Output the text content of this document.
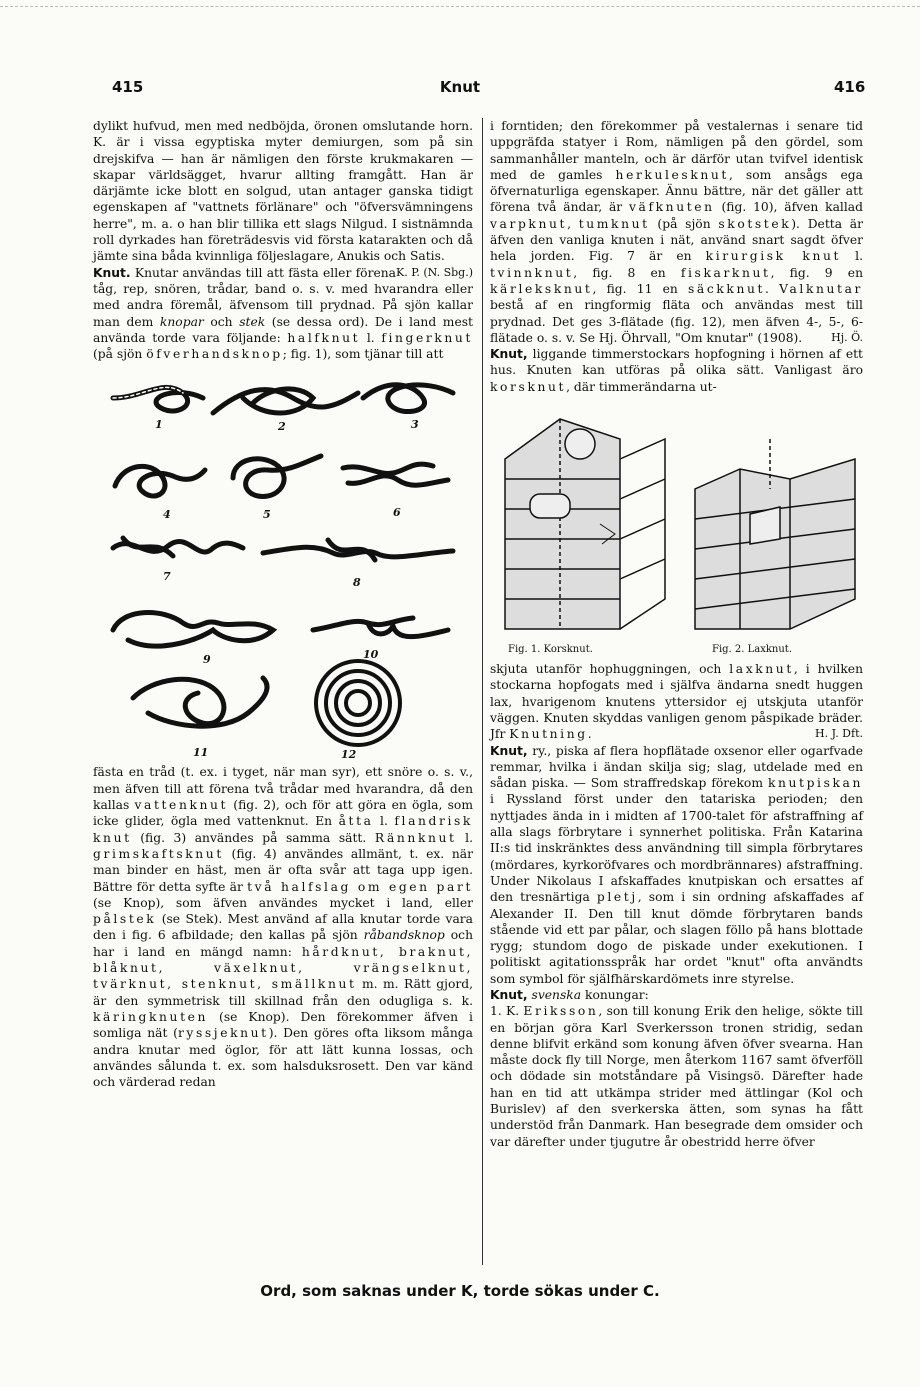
415	Knut	416

dylikt hufvud, men med nedböjda, öronen omslutande horn. K. är i vissa egyptiska myter demiurgen, som på sin drejskifva — han är nämligen den förste krukmakaren — skapar världsägget, hvarur allting framgått. Han är därjämte icke blott en solgud, utan antager ganska tidigt egenskapen af "vattnets förlänare" och "öfversvämningens herre", m. a. o han blir tillika ett slags Nilgud. I sistnämnda roll dyrkades han företrädesvis vid första katarakten och då jämte sina båda kvinnliga följeslagare, Anukis och Satis.
K. P. (N. Sbg.)

Knut. Knutar användas till att fästa eller förena tåg, rep, snören, trådar, band o. s. v. med hvarandra eller med andra föremål, äfvensom till prydnad. På sjön kallar man dem knopar och stek (se dessa ord). De i land mest använda torde vara följande: halfknut l. fingerknut (på sjön öfverhandsknop; fig. 1), som tjänar till att

1	2	3
4	5	6
7	8
9	10
11	12

fästa en tråd (t. ex. i tyget, när man syr), ett snöre o. s. v., men äfven till att förena två trådar med hvarandra, då den kallas vattenknut (fig. 2), och för att göra en ögla, som icke glider, ögla med vattenknut. En åtta l. flandrisk knut (fig. 3) användes på samma sätt. Rännknut l. grimskaftsknut (fig. 4) användes allmänt, t. ex. när man binder en häst, men är ofta svår att taga upp igen. Bättre för detta syfte är två halfslag om egen part (se Knop), som äfven användes mycket i land, eller pålstek (se Stek). Mest använd af alla knutar torde vara den i fig. 6 afbildade; den kallas på sjön råbandsknop och har i land en mängd namn: hårdknut, braknut, blåknut, växelknut, vrängselknut, tvärknut, stenknut, smällknut m. m. Rätt gjord, är den symmetrisk till skillnad från den odugliga s. k. käringknuten (se Knop). Den förekommer äfven i somliga nät (ryssjeknut). Den göres ofta liksom många andra knutar med öglor, för att lätt kunna lossas, och användes sålunda t. ex. som halsduksrosett. Den var känd och värderad redan

i forntiden; den förekommer på vestalernas i senare tid uppgräfda statyer i Rom, nämligen på den gördel, som sammanhåller manteln, och är därför utan tvifvel identisk med de gamles herkulesknut, som ansågs ega öfvernaturliga egenskaper. Ännu bättre, när det gäller att förena två ändar, är väfknuten (fig. 10), äfven kallad varpknut, tumknut (på sjön skotstek). Detta är äfven den vanliga knuten i nät, använd snart sagdt öfver hela jorden. Fig. 7 är en kirurgisk knut l. tvinnknut, fig. 8 en fiskarknut, fig. 9 en kärleksknut, fig. 11 en säckknut. Valknutar bestå af en ringformig fläta och användas mest till prydnad. Det ges 3-flätade (fig. 12), men äfven 4-, 5-, 6-flätade o. s. v. Se Hj. Öhrvall, "Om knutar" (1908).	Hj. Ö.

Knut, liggande timmerstockars hopfogning i hörnen af ett hus. Knuten kan utföras på olika sätt. Vanligast äro korsknut, där timmerändarna ut-

Fig. 1. Korsknut.	Fig. 2. Laxknut.

skjuta utanför hophuggningen, och laxknut, i hvilken stockarna hopfogats med i själfva ändarna snedt huggen lax, hvarigenom knutens yttersidor ej utskjuta utanför väggen. Knuten skyddas vanligen genom påspikade bräder. Jfr Knutning.	H. J. Dft.

Knut, ry., piska af flera hopflätade oxsenor eller ogarfvade remmar, hvilka i ändan skilja sig; slag, utdelade med en sådan piska. — Som straffredskap förekom knutpiskan i Ryssland först under den tatariska perioden; den nyttjades ända in i midten af 1700-talet för afstraffning af alla slags förbrytare i synnerhet politiska. Från Katarina II:s tid inskränktes dess användning till simpla förbrytares (mördares, kyrkoröfvares och mordbrännares) afstraffning. Under Nikolaus I afskaffades knutpiskan och ersattes af den tresnärtiga pletj, som i sin ordning afskaffades af Alexander II. Den till knut dömde förbrytaren bands stående vid ett par pålar, och slagen föllo på hans blottade rygg; stundom dogo de piskade under exekutionen. I politiskt agitationsspråk har ordet "knut" ofta användts som symbol för själfhärskardömets inre styrelse.

Knut, svenska konungar:

1. K. Eriksson, son till konung Erik den helige, sökte till en början göra Karl Sverkersson tronen stridig, sedan denne blifvit erkänd som konung äfven öfver svearna. Han måste dock fly till Norge, men återkom 1167 samt öfverföll och dödade sin motståndare på Visingsö. Därefter hade han en tid att utkämpa strider med ättlingar (Kol och Burislev) af den sverkerska ätten, som synas ha fått understöd från Danmark. Han besegrade dem omsider och var därefter under tjugutre år obestridd herre öfver

Ord, som saknas under K, torde sökas under C.
